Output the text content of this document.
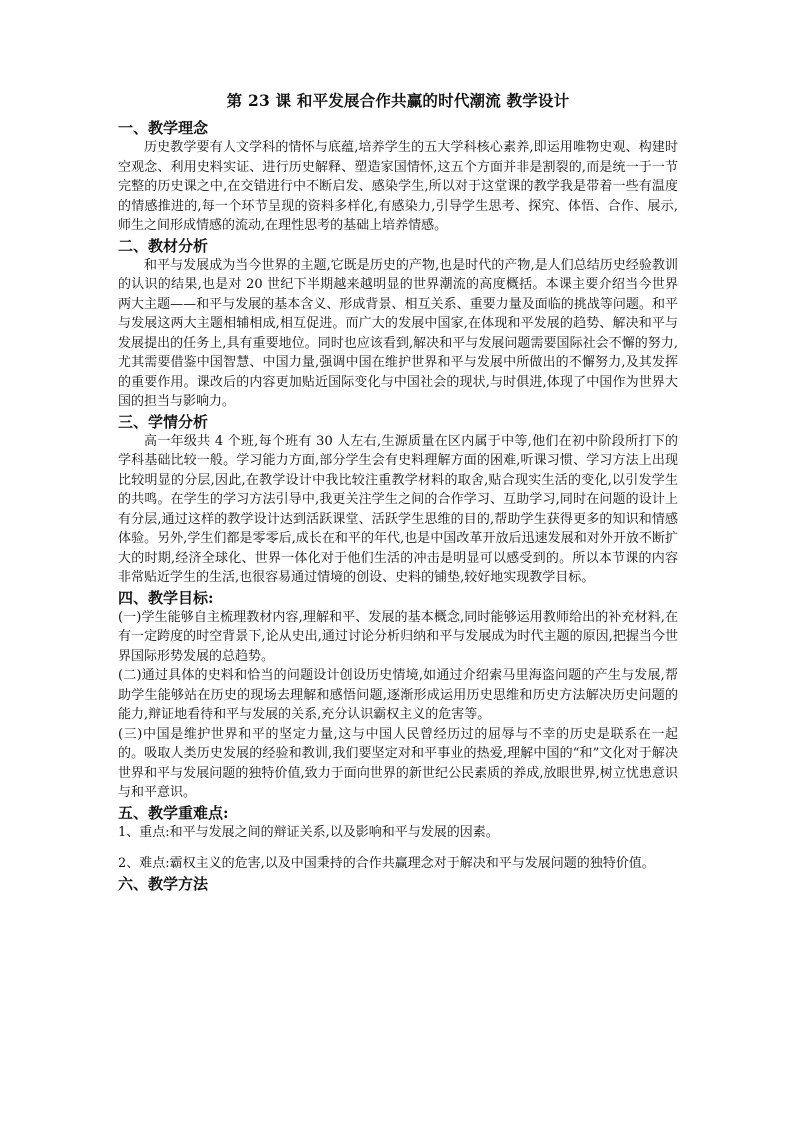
第 23 课 和平发展合作共赢的时代潮流 教学设计
一、教学理念

历史教学要有人文学科的情怀与底蕴,培养学生的五大学科核心素养,即运用唯物史观、构建时空观念、利用史料实证、进行历史解释、塑造家国情怀,这五个方面并非是割裂的,而是统一于一节完整的历史课之中,在交错进行中不断启发、感染学生,所以对于这堂课的教学我是带着一些有温度的情感推进的,每一个环节呈现的资料多样化,有感染力,引导学生思考、探究、体悟、合作、展示,师生之间形成情感的流动,在理性思考的基础上培养情感。

二、教材分析

和平与发展成为当今世界的主题,它既是历史的产物,也是时代的产物,是人们总结历史经验教训的认识的结果,也是对 20 世纪下半期越来越明显的世界潮流的高度概括。本课主要介绍当今世界两大主题——和平与发展的基本含义、形成背景、相互关系、重要力量及面临的挑战等问题。和平与发展这两大主题相辅相成,相互促进。而广大的发展中国家,在体现和平发展的趋势、解决和平与发展提出的任务上,具有重要地位。同时也应该看到,解决和平与发展问题需要国际社会不懈的努力,尤其需要借鉴中国智慧、中国力量,强调中国在维护世界和平与发展中所做出的不懈努力,及其发挥的重要作用。课改后的内容更加贴近国际变化与中国社会的现状,与时俱进,体现了中国作为世界大国的担当与影响力。

三、学情分析

高一年级共 4 个班,每个班有 30 人左右,生源质量在区内属于中等,他们在初中阶段所打下的学科基础比较一般。学习能力方面,部分学生会有史料理解方面的困难,听课习惯、学习方法上出现比较明显的分层,因此,在教学设计中我比较注重教学材料的取舍,贴合现实生活的变化,以引发学生的共鸣。在学生的学习方法引导中,我更关注学生之间的合作学习、互助学习,同时在问题的设计上有分层,通过这样的教学设计达到活跃课堂、活跃学生思维的目的,帮助学生获得更多的知识和情感体验。另外,学生们都是零零后,成长在和平的年代,也是中国改革开放后迅速发展和对外开放不断扩大的时期,经济全球化、世界一体化对于他们生活的冲击是明显可以感受到的。所以本节课的内容非常贴近学生的生活,也很容易通过情境的创设、史料的铺垫,较好地实现教学目标。

四、教学目标:

(一)学生能够自主梳理教材内容,理解和平、发展的基本概念,同时能够运用教师给出的补充材料,在有一定跨度的时空背景下,论从史出,通过讨论分析归纳和平与发展成为时代主题的原因,把握当今世界国际形势发展的总趋势。

(二)通过具体的史料和恰当的问题设计创设历史情境,如通过介绍索马里海盗问题的产生与发展,帮助学生能够站在历史的现场去理解和感悟问题,逐渐形成运用历史思维和历史方法解决历史问题的能力,辩证地看待和平与发展的关系,充分认识霸权主义的危害等。

(三)中国是维护世界和平的坚定力量,这与中国人民曾经历过的屈辱与不幸的历史是联系在一起的。吸取人类历史发展的经验和教训,我们要坚定对和平事业的热爱,理解中国的“和”文化对于解决世界和平与发展问题的独特价值,致力于面向世界的新世纪公民素质的养成,放眼世界,树立忧患意识与和平意识。

五、教学重难点:

1、重点:和平与发展之间的辩证关系,以及影响和平与发展的因素。

2、难点:霸权主义的危害,以及中国秉持的合作共赢理念对于解决和平与发展问题的独特价值。

六、教学方法
